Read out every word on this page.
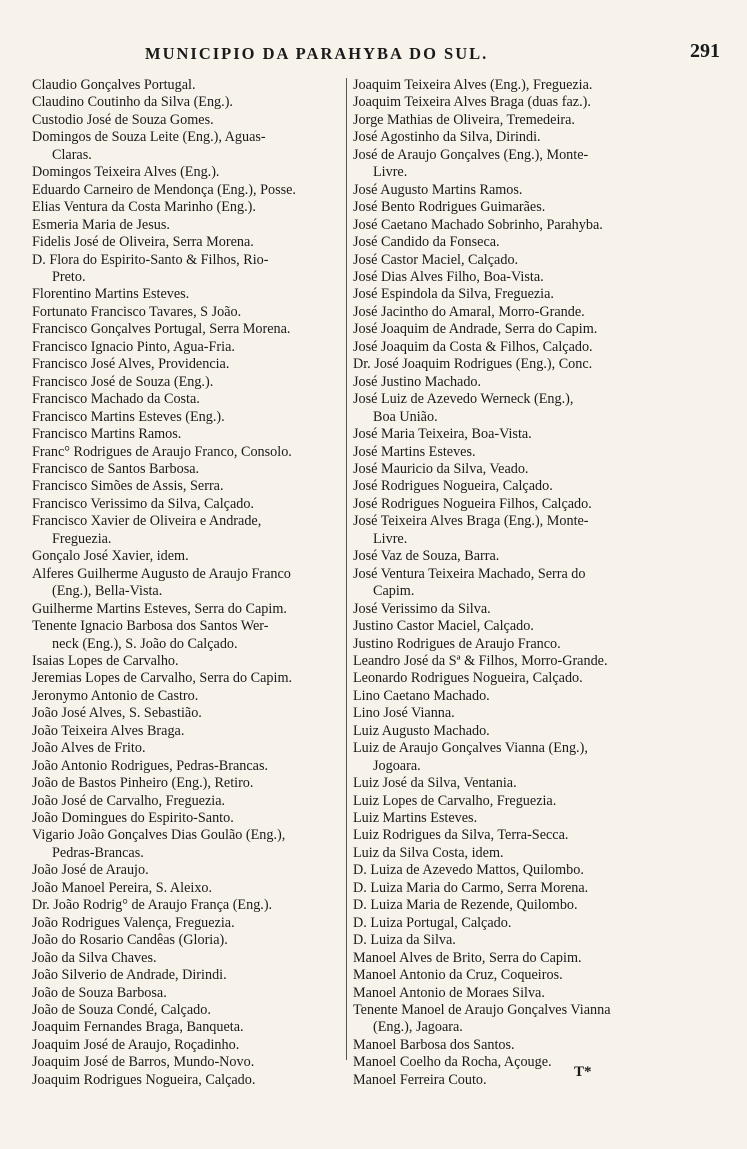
MUNICIPIO DA PARAHYBA DO SUL.	291
Claudio Gonçalves Portugal.
Claudino Coutinho da Silva (Eng.).
Custodio José de Souza Gomes.
Domingos de Souza Leite (Eng.), Aguas-
Claras.
Domingos Teixeira Alves (Eng.).
Eduardo Carneiro de Mendonça (Eng.), Posse.
Elias Ventura da Costa Marinho (Eng.).
Esmeria Maria de Jesus.
Fidelis José de Oliveira, Serra Morena.
D. Flora do Espirito-Santo & Filhos, Rio-
Preto.
Florentino Martins Esteves.
Fortunato Francisco Tavares, S João.
Francisco Gonçalves Portugal, Serra Morena.
Francisco Ignacio Pinto, Agua-Fria.
Francisco José Alves, Providencia.
Francisco José de Souza (Eng.).
Francisco Machado da Costa.
Francisco Martins Esteves (Eng.).
Francisco Martins Ramos.
Franc° Rodrigues de Araujo Franco, Consolo.
Francisco de Santos Barbosa.
Francisco Simões de Assis, Serra.
Francisco Verissimo da Silva, Calçado.
Francisco Xavier de Oliveira e Andrade,
Freguezia.
Gonçalo José Xavier, idem.
Alferes Guilherme Augusto de Araujo Franco
(Eng.), Bella-Vista.
Guilherme Martins Esteves, Serra do Capim.
Tenente Ignacio Barbosa dos Santos Wer-
neck (Eng.), S. João do Calçado.
Isaias Lopes de Carvalho.
Jeremias Lopes de Carvalho, Serra do Capim.
Jeronymo Antonio de Castro.
João José Alves, S. Sebastião.
João Teixeira Alves Braga.
João Alves de Frito.
João Antonio Rodrigues, Pedras-Brancas.
João de Bastos Pinheiro (Eng.), Retiro.
João José de Carvalho, Freguezia.
João Domingues do Espirito-Santo.
Vigario João Gonçalves Dias Goulão (Eng.),
Pedras-Brancas.
João José de Araujo.
João Manoel Pereira, S. Aleixo.
Dr. João Rodrig° de Araujo França (Eng.).
João Rodrigues Valença, Freguezia.
João do Rosario Candêas (Gloria).
João da Silva Chaves.
João Silverio de Andrade, Dirindi.
João de Souza Barbosa.
João de Souza Condé, Calçado.
Joaquim Fernandes Braga, Banqueta.
Joaquim José de Araujo, Roçadinho.
Joaquim José de Barros, Mundo-Novo.
Joaquim Rodrigues Nogueira, Calçado.
Joaquim Teixeira Alves (Eng.), Freguezia.
Joaquim Teixeira Alves Braga (duas faz.).
Jorge Mathias de Oliveira, Tremedeira.
José Agostinho da Silva, Dirindi.
José de Araujo Gonçalves (Eng.), Monte-
Livre.
José Augusto Martins Ramos.
José Bento Rodrigues Guimarães.
José Caetano Machado Sobrinho, Parahyba.
José Candido da Fonseca.
José Castor Maciel, Calçado.
José Dias Alves Filho, Boa-Vista.
José Espindola da Silva, Freguezia.
José Jacintho do Amaral, Morro-Grande.
José Joaquim de Andrade, Serra do Capim.
José Joaquim da Costa & Filhos, Calçado.
Dr. José Joaquim Rodrigues (Eng.), Conc.
José Justino Machado.
José Luiz de Azevedo Werneck (Eng.),
Boa União.
José Maria Teixeira, Boa-Vista.
José Martins Esteves.
José Mauricio da Silva, Veado.
José Rodrigues Nogueira, Calçado.
José Rodrigues Nogueira Filhos, Calçado.
José Teixeira Alves Braga (Eng.), Monte-
Livre.
José Vaz de Souza, Barra.
José Ventura Teixeira Machado, Serra do
Capim.
José Verissimo da Silva.
Justino Castor Maciel, Calçado.
Justino Rodrigues de Araujo Franco.
Leandro José da Sª & Filhos, Morro-Grande.
Leonardo Rodrigues Nogueira, Calçado.
Lino Caetano Machado.
Lino José Vianna.
Luiz Augusto Machado.
Luiz de Araujo Gonçalves Vianna (Eng.),
Jogoara.
Luiz José da Silva, Ventania.
Luiz Lopes de Carvalho, Freguezia.
Luiz Martins Esteves.
Luiz Rodrigues da Silva, Terra-Secca.
Luiz da Silva Costa, idem.
D. Luiza de Azevedo Mattos, Quilombo.
D. Luiza Maria do Carmo, Serra Morena.
D. Luiza Maria de Rezende, Quilombo.
D. Luiza Portugal, Calçado.
D. Luiza da Silva.
Manoel Alves de Brito, Serra do Capim.
Manoel Antonio da Cruz, Coqueiros.
Manoel Antonio de Moraes Silva.
Tenente Manoel de Araujo Gonçalves Vianna
(Eng.), Jagoara.
Manoel Barbosa dos Santos.
Manoel Coelho da Rocha, Açouge.
Manoel Ferreira Couto.	T*
